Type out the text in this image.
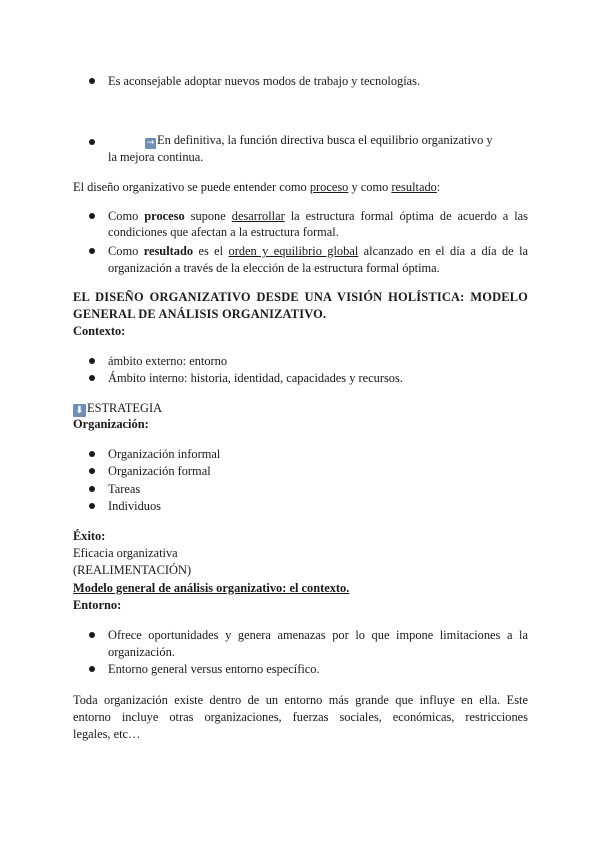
Es aconsejable adoptar nuevos modos de trabajo y tecnologías.
→ En definitiva, la función directiva busca el equilibrio organizativo y
la mejora continua.
El diseño organizativo se puede entender como proceso y como resultado:
Como proceso supone desarrollar la estructura formal óptima de acuerdo a las
condiciones que afectan a la estructura formal.
Como resultado es el orden y equilibrio global alcanzado en el día a día de la
organización a través de la elección de la estructura formal óptima.
EL DISEÑO ORGANIZATIVO DESDE UNA VISIÓN HOLÍSTICA: MODELO
GENERAL DE ANÁLISIS ORGANIZATIVO.
Contexto:
ámbito externo: entorno
Ámbito interno: historia, identidad, capacidades y recursos.
⬇ ESTRATEGIA
Organización:
Organización informal
Organización formal
Tareas
Individuos
Éxito:
Eficacia organizativa
(REALIMENTACIÓN)
Modelo general de análisis organizativo: el contexto.
Entorno:
Ofrece oportunidades y genera amenazas por lo que impone limitaciones a la
organización.
Entorno general versus entorno específico.
Toda organización existe dentro de un entorno más grande que influye en ella. Este
entorno incluye otras organizaciones, fuerzas sociales, económicas, restricciones
legales, etc…
